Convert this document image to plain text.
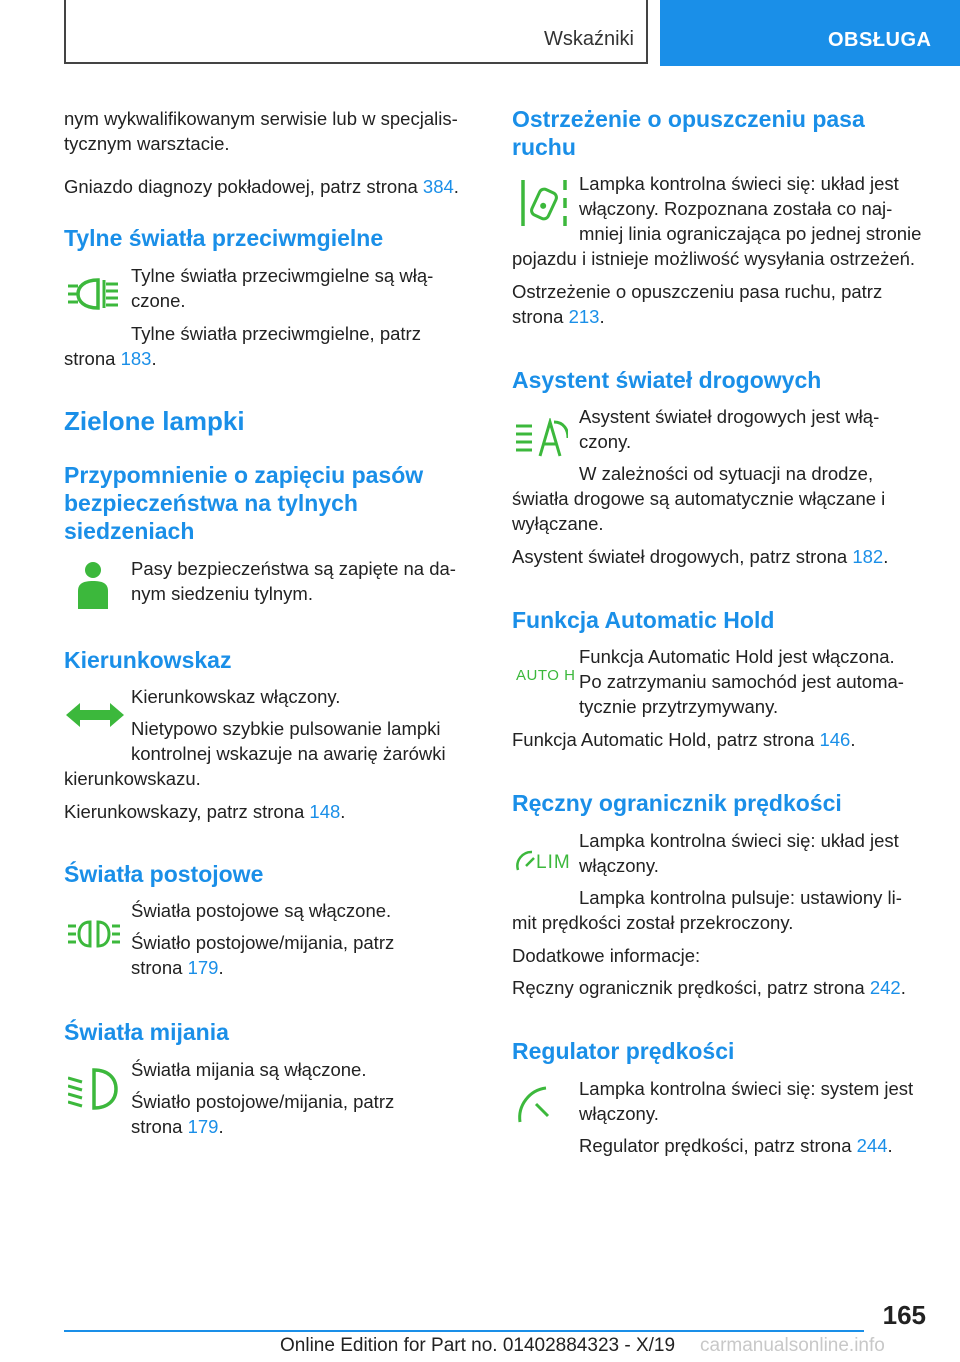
Wskaźniki	OBSŁUGA
nym wykwalifikowanym serwisie lub w specjalis-
tycznym warsztacie.
Gniazdo diagnozy pokładowej, patrz strona 384.
Tylne światła przeciwmgielne
Tylne światła przeciwmgielne są włą-
czone.
Tylne światła przeciwmgielne, patrz
strona 183.
Zielone lampki
Przypomnienie o zapięciu pasów
bezpieczeństwa na tylnych
siedzeniach
Pasy bezpieczeństwa są zapięte na da-
nym siedzeniu tylnym.
Kierunkowskaz
Kierunkowskaz włączony.
Nietypowo szybkie pulsowanie lampki
kontrolnej wskazuje na awarię żarówki
kierunkowskazu.
Kierunkowskazy, patrz strona 148.
Światła postojowe
Światła postojowe są włączone.
Światło postojowe/mijania, patrz
strona 179.
Światła mijania
Światła mijania są włączone.
Światło postojowe/mijania, patrz
strona 179.
Ostrzeżenie o opuszczeniu pasa
ruchu
Lampka kontrolna świeci się: układ jest
włączony. Rozpoznana została co naj-
mniej linia ograniczająca po jednej stronie
pojazdu i istnieje możliwość wysyłania ostrzeżeń.
Ostrzeżenie o opuszczeniu pasa ruchu, patrz
strona 213.
Asystent świateł drogowych
Asystent świateł drogowych jest włą-
czony.
W zależności od sytuacji na drodze,
światła drogowe są automatycznie włączane i
wyłączane.
Asystent świateł drogowych, patrz strona 182.
Funkcja Automatic Hold
AUTO H
Funkcja Automatic Hold jest włączona.
Po zatrzymaniu samochód jest automa-
tycznie przytrzymywany.
Funkcja Automatic Hold, patrz strona 146.
Ręczny ogranicznik prędkości
LIM
Lampka kontrolna świeci się: układ jest
włączony.
Lampka kontrolna pulsuje: ustawiony li-
mit prędkości został przekroczony.
Dodatkowe informacje:
Ręczny ogranicznik prędkości, patrz strona 242.
Regulator prędkości
Lampka kontrolna świeci się: system jest
włączony.
Regulator prędkości, patrz strona 244.
165
Online Edition for Part no. 01402884323 - X/19 carmanualsonline.info
